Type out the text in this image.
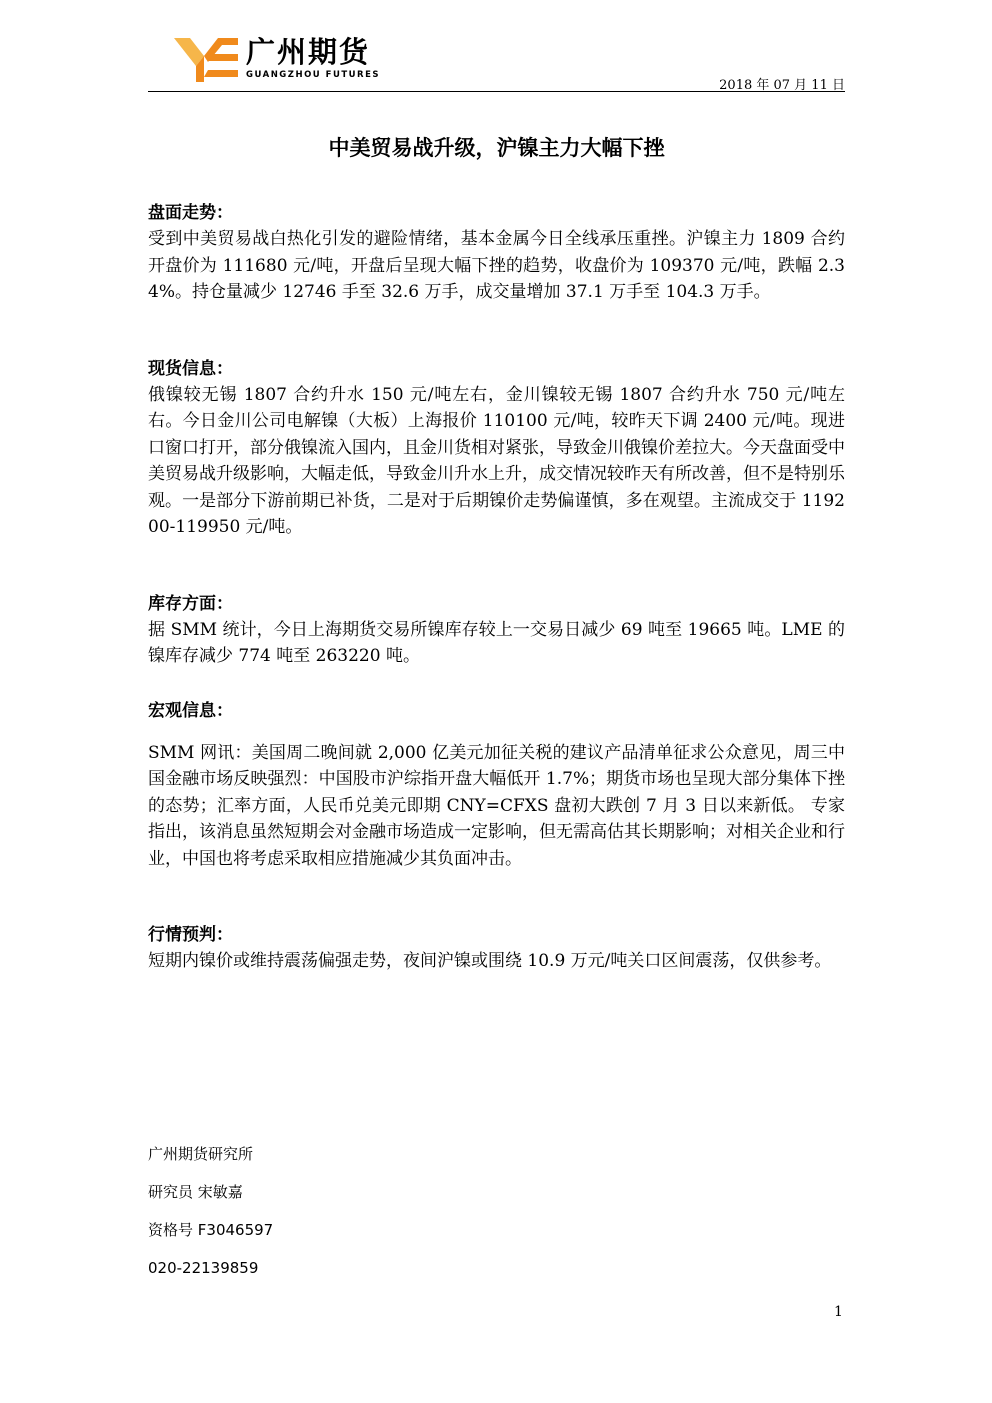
广州期货
GUANGZHOU FUTURES
2018 年 07 月 11 日
中美贸易战升级，沪镍主力大幅下挫

盘面走势：

受到中美贸易战白热化引发的避险情绪，基本金属今日全线承压重挫。沪镍主力 1809 合约开盘价为 111680 元/吨，开盘后呈现大幅下挫的趋势，收盘价为 109370 元/吨，跌幅 2.34%。持仓量减少 12746 手至 32.6 万手，成交量增加 37.1 万手至 104.3 万手。

现货信息：

俄镍较无锡 1807 合约升水 150 元/吨左右，金川镍较无锡 1807 合约升水 750 元/吨左右。今日金川公司电解镍（大板）上海报价 110100 元/吨，较昨天下调 2400 元/吨。现进口窗口打开，部分俄镍流入国内，且金川货相对紧张，导致金川俄镍价差拉大。今天盘面受中美贸易战升级影响，大幅走低，导致金川升水上升，成交情况较昨天有所改善，但不是特别乐观。一是部分下游前期已补货，二是对于后期镍价走势偏谨慎，多在观望。主流成交于 119200-119950 元/吨。

库存方面：

据 SMM 统计，今日上海期货交易所镍库存较上一交易日减少 69 吨至 19665 吨。LME 的镍库存减少 774 吨至 263220 吨。

宏观信息：

SMM 网讯：美国周二晚间就 2,000 亿美元加征关税的建议产品清单征求公众意见，周三中国金融市场反映强烈：中国股市沪综指开盘大幅低开 1.7%；期货市场也呈现大部分集体下挫的态势；汇率方面，人民币兑美元即期 CNY=CFXS 盘初大跌创 7 月 3 日以来新低。 专家指出，该消息虽然短期会对金融市场造成一定影响，但无需高估其长期影响；对相关企业和行业，中国也将考虑采取相应措施减少其负面冲击。

行情预判：

短期内镍价或维持震荡偏强走势，夜间沪镍或围绕 10.9 万元/吨关口区间震荡，仅供参考。

广州期货研究所
研究员 宋敏嘉
资格号 F3046597
020-22139859
1
